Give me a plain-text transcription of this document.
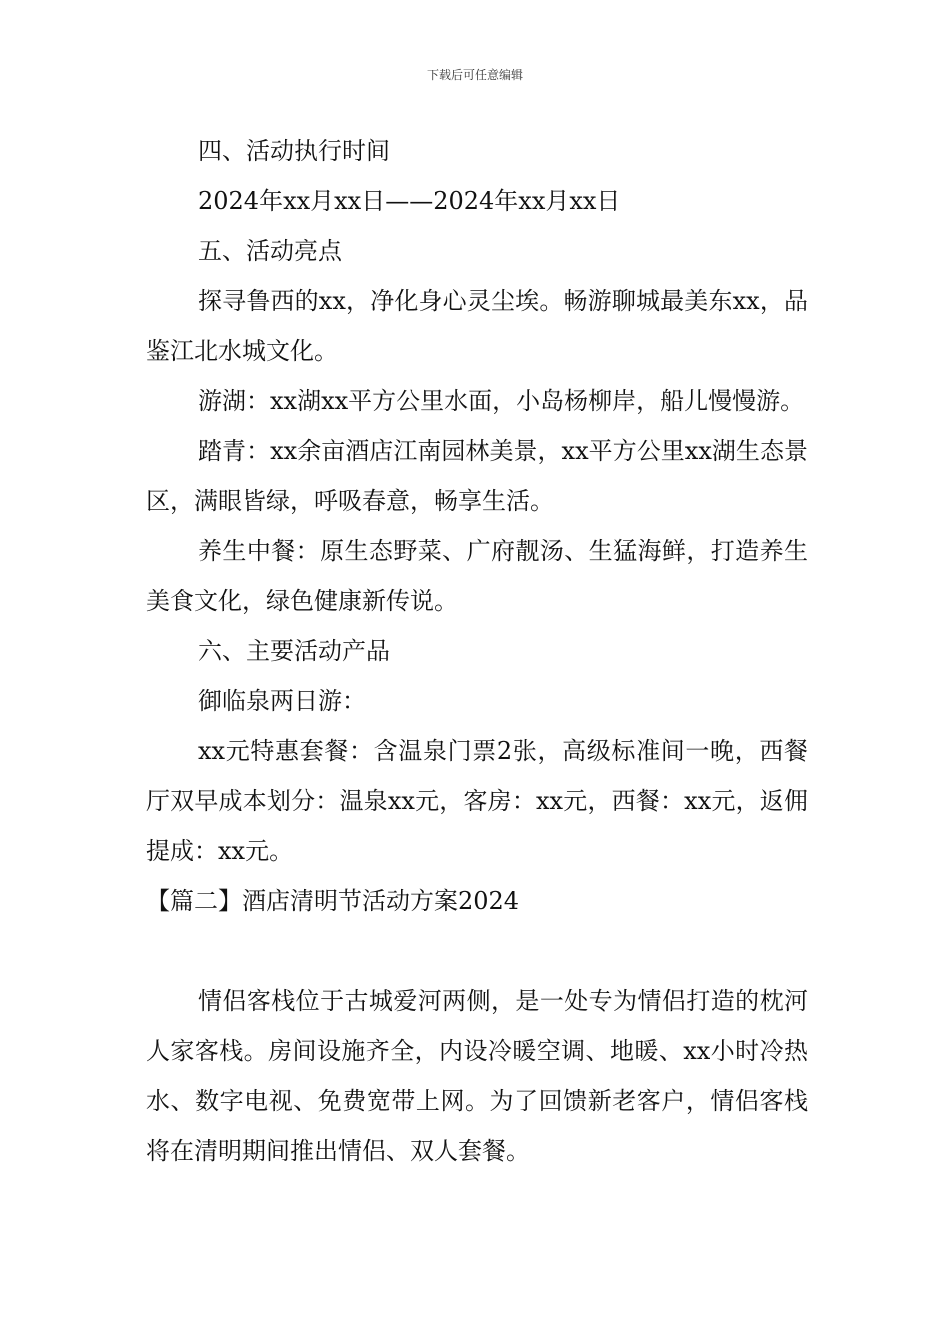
下载后可任意编辑

四、活动执行时间

2024年xx月xx日——2024年xx月xx日

五、活动亮点

探寻鲁西的xx，净化身心灵尘埃。畅游聊城最美东xx，品鉴江北水城文化。

游湖：xx湖xx平方公里水面，小岛杨柳岸，船儿慢慢游。

踏青：xx余亩酒店江南园林美景，xx平方公里xx湖生态景区，满眼皆绿，呼吸春意，畅享生活。

养生中餐：原生态野菜、广府靓汤、生猛海鲜，打造养生美食文化，绿色健康新传说。

六、主要活动产品

御临泉两日游：

xx元特惠套餐：含温泉门票2张，高级标准间一晚，西餐厅双早成本划分：温泉xx元，客房：xx元，西餐：xx元，返佣提成：xx元。

【篇二】酒店清明节活动方案2024

情侣客栈位于古城爱河两侧，是一处专为情侣打造的枕河人家客栈。房间设施齐全，内设冷暖空调、地暖、xx小时冷热水、数字电视、免费宽带上网。为了回馈新老客户，情侣客栈将在清明期间推出情侣、双人套餐。
